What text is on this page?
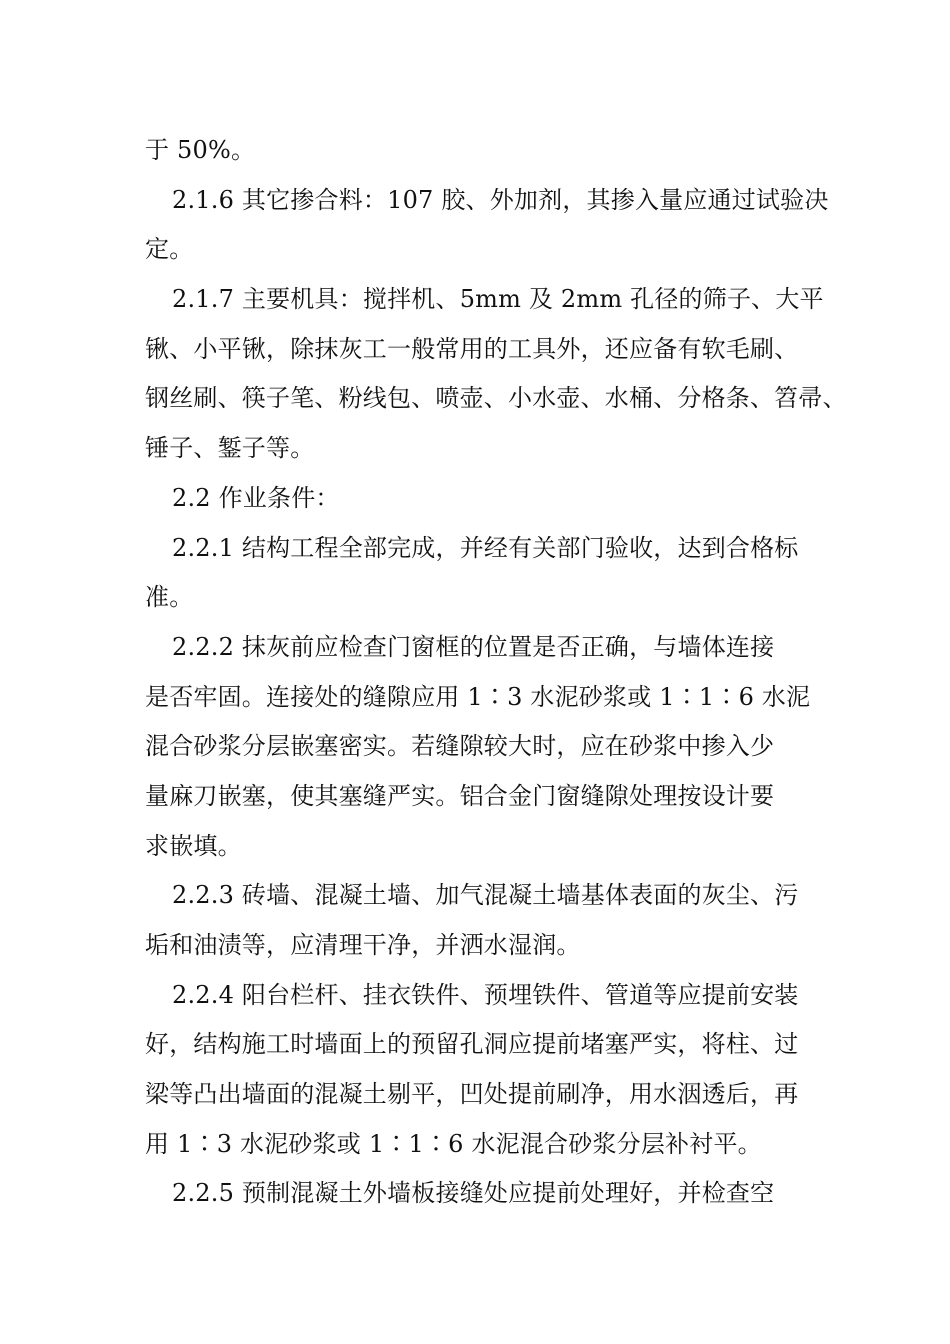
于 50%。
2.1.6 其它掺合料：107 胶、外加剂，其掺入量应通过试验决
定。
2.1.7 主要机具：搅拌机、5mm 及 2mm 孔径的筛子、大平
锹、小平锹，除抹灰工一般常用的工具外，还应备有软毛刷、
钢丝刷、筷子笔、粉线包、喷壶、小水壶、水桶、分格条、笤帚、
锤子、錾子等。
2.2 作业条件：
2.2.1 结构工程全部完成，并经有关部门验收，达到合格标
准。
2.2.2 抹灰前应检查门窗框的位置是否正确，与墙体连接
是否牢固。连接处的缝隙应用 1∶3 水泥砂浆或 1∶1∶6 水泥
混合砂浆分层嵌塞密实。若缝隙较大时，应在砂浆中掺入少
量麻刀嵌塞，使其塞缝严实。铝合金门窗缝隙处理按设计要
求嵌填。
2.2.3 砖墙、混凝土墙、加气混凝土墙基体表面的灰尘、污
垢和油渍等，应清理干净，并洒水湿润。
2.2.4 阳台栏杆、挂衣铁件、预埋铁件、管道等应提前安装
好，结构施工时墙面上的预留孔洞应提前堵塞严实，将柱、过
梁等凸出墙面的混凝土剔平，凹处提前刷净，用水洇透后，再
用 1∶3 水泥砂浆或 1∶1∶6 水泥混合砂浆分层补衬平。
2.2.5 预制混凝土外墙板接缝处应提前处理好，并检查空
